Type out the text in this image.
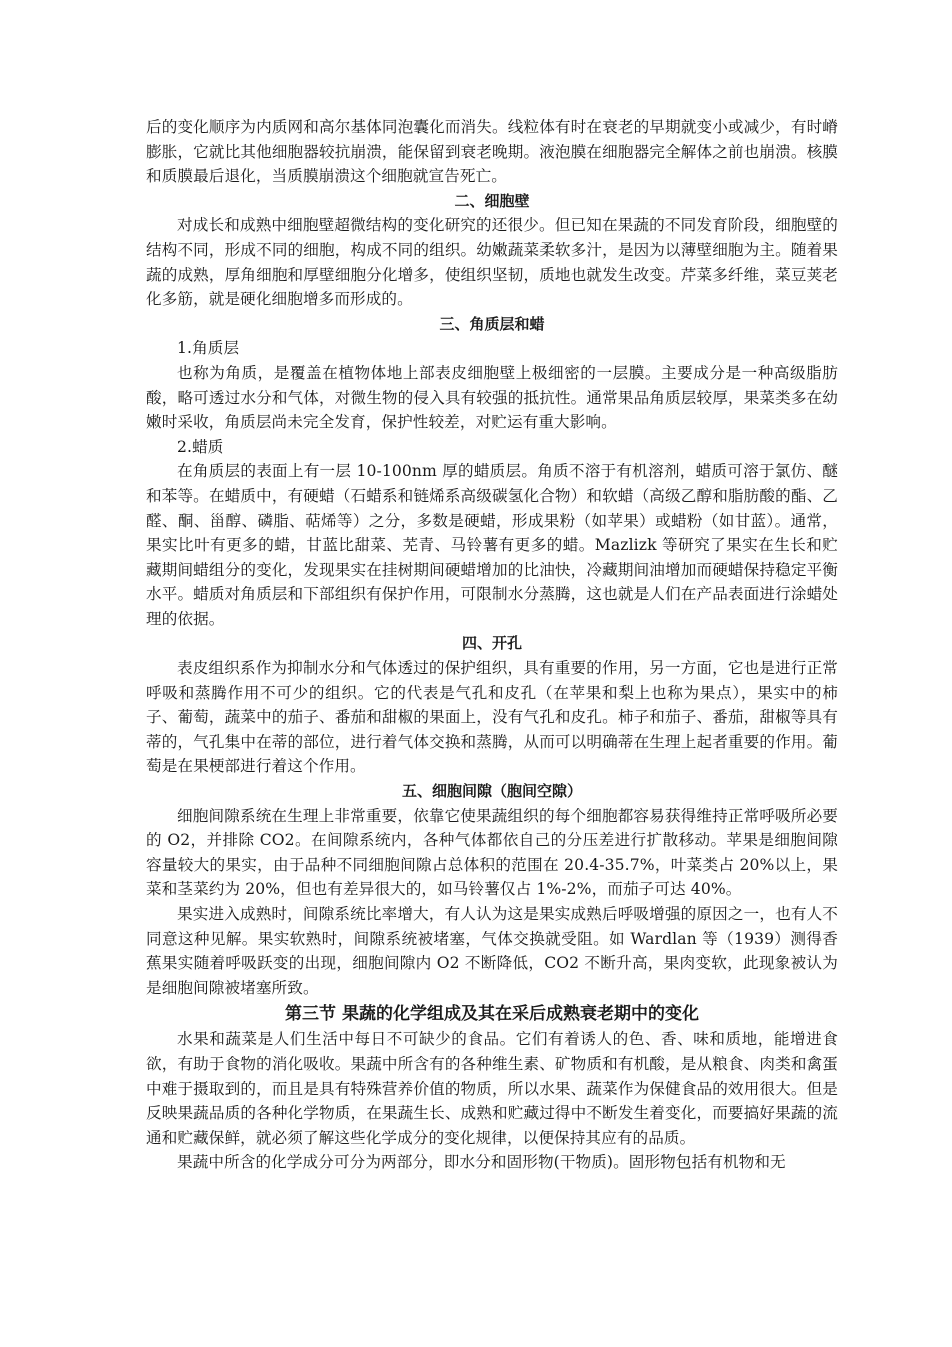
后的变化顺序为内质网和高尔基体同泡囊化而消失。线粒体有时在衰老的早期就变小或减少，有时嵴膨胀，它就比其他细胞器较抗崩溃，能保留到衰老晚期。液泡膜在细胞器完全解体之前也崩溃。核膜和质膜最后退化，当质膜崩溃这个细胞就宣告死亡。

二、细胞壁

对成长和成熟中细胞壁超微结构的变化研究的还很少。但已知在果蔬的不同发育阶段，细胞壁的结构不同，形成不同的细胞，构成不同的组织。幼嫩蔬菜柔软多汁，是因为以薄壁细胞为主。随着果蔬的成熟，厚角细胞和厚壁细胞分化增多，使组织坚韧，质地也就发生改变。芹菜多纤维，菜豆荚老化多筋，就是硬化细胞增多而形成的。

三、角质层和蜡

1.角质层

也称为角质，是覆盖在植物体地上部表皮细胞壁上极细密的一层膜。主要成分是一种高级脂肪酸，略可透过水分和气体，对微生物的侵入具有较强的抵抗性。通常果品角质层较厚，果菜类多在幼嫩时采收，角质层尚未完全发育，保护性较差，对贮运有重大影响。

2.蜡质

在角质层的表面上有一层 10-100nm 厚的蜡质层。角质不溶于有机溶剂，蜡质可溶于氯仿、醚和苯等。在蜡质中，有硬蜡（石蜡系和链烯系高级碳氢化合物）和软蜡（高级乙醇和脂肪酸的酯、乙醛、酮、甾醇、磷脂、萜烯等）之分，多数是硬蜡，形成果粉（如苹果）或蜡粉（如甘蓝）。通常，果实比叶有更多的蜡，甘蓝比甜菜、芜青、马铃薯有更多的蜡。Mazlizk 等研究了果实在生长和贮藏期间蜡组分的变化，发现果实在挂树期间硬蜡增加的比油快，冷藏期间油增加而硬蜡保持稳定平衡水平。蜡质对角质层和下部组织有保护作用，可限制水分蒸腾，这也就是人们在产品表面进行涂蜡处理的依据。

四、开孔

表皮组织系作为抑制水分和气体透过的保护组织，具有重要的作用，另一方面，它也是进行正常呼吸和蒸腾作用不可少的组织。它的代表是气孔和皮孔（在苹果和梨上也称为果点），果实中的柿子、葡萄，蔬菜中的茄子、番茄和甜椒的果面上，没有气孔和皮孔。柿子和茄子、番茄，甜椒等具有蒂的，气孔集中在蒂的部位，进行着气体交换和蒸腾，从而可以明确蒂在生理上起者重要的作用。葡萄是在果梗部进行着这个作用。

五、细胞间隙（胞间空隙）

细胞间隙系统在生理上非常重要，依靠它使果蔬组织的每个细胞都容易获得维持正常呼吸所必要的 O2，并排除 CO2。在间隙系统内，各种气体都依自己的分压差进行扩散移动。苹果是细胞间隙容量较大的果实，由于品种不同细胞间隙占总体积的范围在 20.4-35.7%，叶菜类占 20%以上，果菜和茎菜约为 20%，但也有差异很大的，如马铃薯仅占 1%-2%，而茄子可达 40%。

果实进入成熟时，间隙系统比率增大，有人认为这是果实成熟后呼吸增强的原因之一，也有人不同意这种见解。果实软熟时，间隙系统被堵塞，气体交换就受阻。如 Wardlan 等（1939）测得香蕉果实随着呼吸跃变的出现，细胞间隙内 O2 不断降低，CO2 不断升高，果肉变软，此现象被认为是细胞间隙被堵塞所致。

第三节 果蔬的化学组成及其在采后成熟衰老期中的变化

水果和蔬菜是人们生活中每日不可缺少的食品。它们有着诱人的色、香、味和质地，能增进食欲，有助于食物的消化吸收。果蔬中所含有的各种维生素、矿物质和有机酸，是从粮食、肉类和禽蛋中难于摄取到的，而且是具有特殊营养价值的物质，所以水果、蔬菜作为保健食品的效用很大。但是反映果蔬品质的各种化学物质，在果蔬生长、成熟和贮藏过得中不断发生着变化，而要搞好果蔬的流通和贮藏保鲜，就必须了解这些化学成分的变化规律，以便保持其应有的品质。

果蔬中所含的化学成分可分为两部分，即水分和固形物(干物质)。固形物包括有机物和无
